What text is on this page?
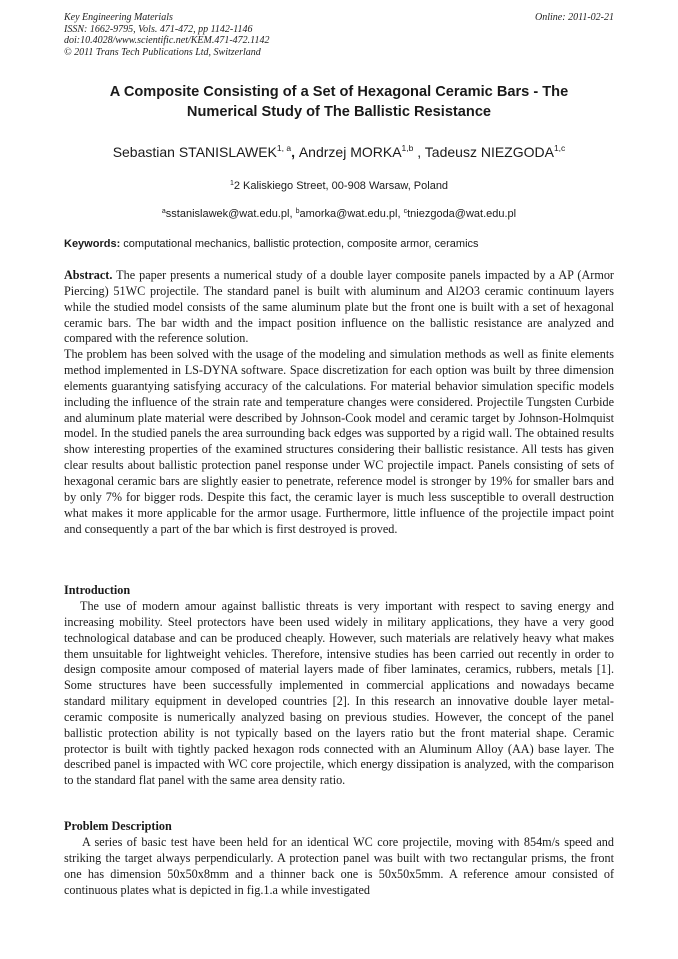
Key Engineering Materials
ISSN: 1662-9795, Vols. 471-472, pp 1142-1146
doi:10.4028/www.scientific.net/KEM.471-472.1142
© 2011 Trans Tech Publications Ltd, Switzerland
Online: 2011-02-21
A Composite Consisting of a Set of Hexagonal Ceramic Bars - The
Numerical Study of The Ballistic Resistance
Sebastian STANISLAWEK$^{1, a}$, Andrzej MORKA$^{1,b}$ , Tadeusz NIEZGODA$^{1,c}$
$^1$2 Kaliskiego Street, 00-908 Warsaw, Poland
$^a$sstanislawek@wat.edu.pl, $^b$amorka@wat.edu.pl, $^c$tniezgoda@wat.edu.pl
Keywords: computational mechanics, ballistic protection, composite armor, ceramics

Abstract. The paper presents a numerical study of a double layer composite panels impacted by a AP (Armor Piercing) 51WC projectile. The standard panel is built with aluminum and Al2O3 ceramic continuum layers while the studied model consists of the same aluminum plate but the front one is built with a set of hexagonal ceramic bars. The bar width and the impact position influence on the ballistic resistance are analyzed and compared with the reference solution.

The problem has been solved with the usage of the modeling and simulation methods as well as finite elements method implemented in LS-DYNA software. Space discretization for each option was built by three dimension elements guarantying satisfying accuracy of the calculations. For material behavior simulation specific models including the influence of the strain rate and temperature changes were considered. Projectile Tungsten Curbide and aluminum plate material were described by Johnson-Cook model and ceramic target by Johnson-Holmquist model. In the studied panels the area surrounding back edges was supported by a rigid wall. The obtained results show interesting properties of the examined structures considering their ballistic resistance. All tests has given clear results about ballistic protection panel response under WC projectile impact. Panels consisting of sets of hexagonal ceramic bars are slightly easier to penetrate, reference model is stronger by 19% for smaller bars and by only 7% for bigger rods. Despite this fact, the ceramic layer is much less susceptible to overall destruction what makes it more applicable for the armor usage. Furthermore, little influence of the projectile impact point and consequently a part of the bar which is first destroyed is proved.

Introduction
The use of modern amour against ballistic threats is very important with respect to saving energy and increasing mobility. Steel protectors have been used widely in military applications, they have a very good technological database and can be produced cheaply. However, such materials are relatively heavy what makes them unsuitable for lightweight vehicles. Therefore, intensive studies has been carried out recently in order to design composite amour composed of material layers made of fiber laminates, ceramics, rubbers, metals [1]. Some structures have been successfully implemented in commercial applications and nowadays became standard military equipment in developed countries [2]. In this research an innovative double layer metal-ceramic composite is numerically analyzed basing on previous studies. However, the concept of the panel ballistic protection ability is not typically based on the layers ratio but the front material shape. Ceramic protector is built with tightly packed hexagon rods connected with an Aluminum Alloy (AA) base layer. The described panel is impacted with WC core projectile, which energy dissipation is analyzed, with the comparison to the standard flat panel with the same area density ratio.
Problem Description
A series of basic test have been held for an identical WC core projectile, moving with 854m/s speed and striking the target always perpendicularly. A protection panel was built with two rectangular prisms, the front one has dimension 50x50x8mm and a thinner back one is 50x50x5mm. A reference amour consisted of continuous plates what is depicted in fig.1.a while investigated
